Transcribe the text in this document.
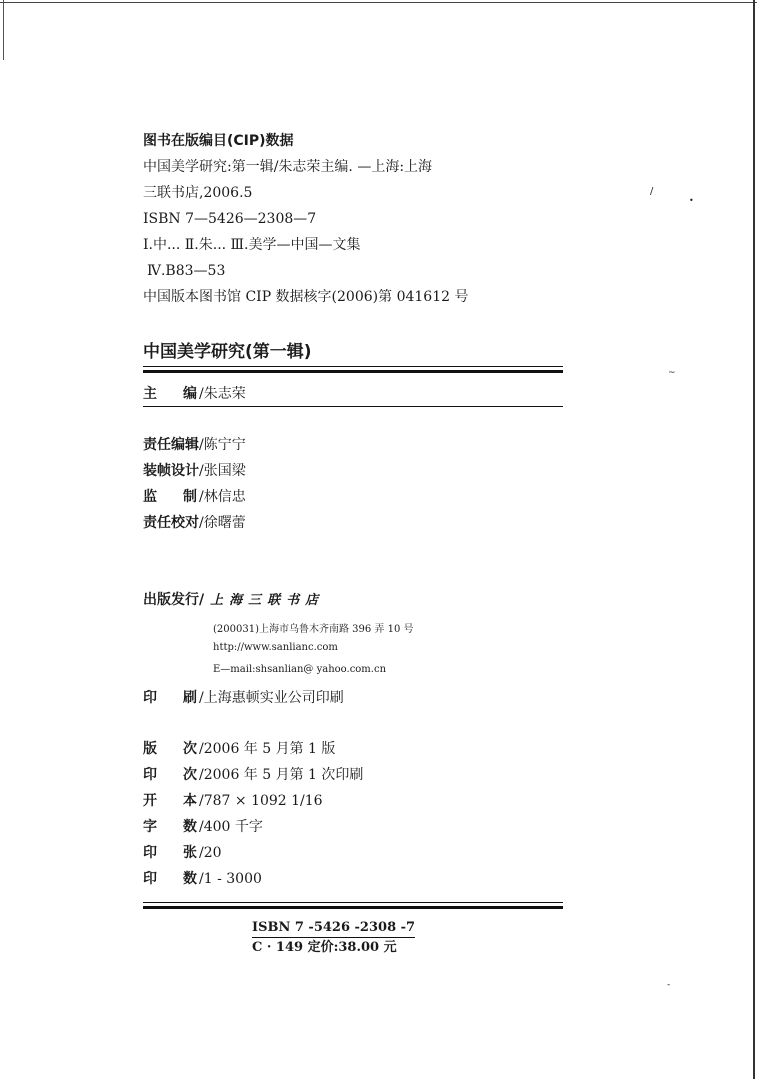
/
•
~
-
图书在版编目(CIP)数据
中国美学研究:第一辑/朱志荣主编. —上海:上海
三联书店,2006.5
ISBN 7—5426—2308—7
Ⅰ.中... Ⅱ.朱... Ⅲ.美学—中国—文集
Ⅳ.B83—53
中国版本图书馆 CIP 数据核字(2006)第 041612 号
中国美学研究(第一辑)
主 编 /朱志荣
责任编辑/陈宁宁
装帧设计/张国梁
监 制 /林信忠
责任校对/徐曙蕾
出版发行/ 上海三联书店
(200031)上海市乌鲁木齐南路 396 弄 10 号
http://www.sanlianc.com
E—mail:shsanlian@ yahoo.com.cn
印 刷 /上海惠顿实业公司印刷
版 次 /2006 年 5 月第 1 版
印 次 /2006 年 5 月第 1 次印刷
开 本 /787 × 1092 1/16
字 数 /400 千字
印 张 /20
印 数 /1 - 3000
ISBN 7 -5426 -2308 -7
C · 149 定价:38.00 元
